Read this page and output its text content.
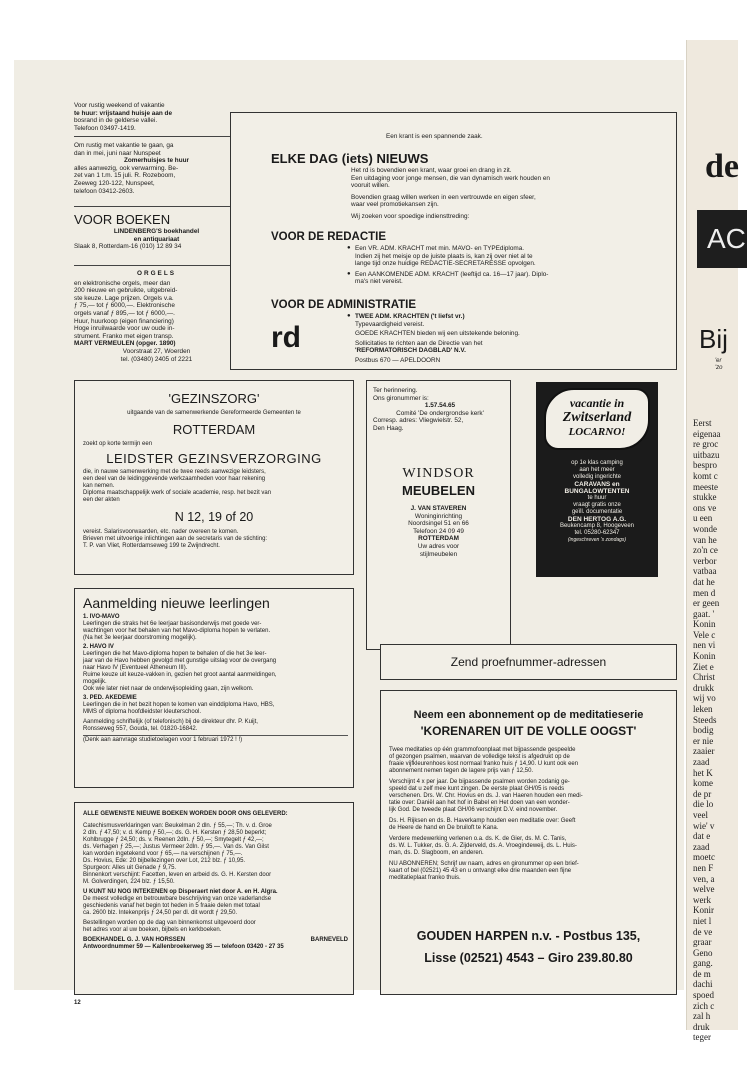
Voor rustig weekend of vakantie
te huur: vrijstaand huisje aan de
bosrand in de gelderse vallei.
Telefoon 03497-1419.
Om rustig met vakantie te gaan, ga
dan in mei, juni naar Nunspeet
Zomerhuisjes te huur
alles aanwezig, ook verwarming. Be-
zet van 1 t.m. 15 juli. R. Rozeboom,
Zeeweg 120-122, Nunspeet,
telefoon 03412-2603.
VOOR BOEKEN
LINDENBERG'S boekhandel
en antiquariaat
Slaak 8, Rotterdam-16 (010) 12 89 34
ORGELS
en elektronische orgels, meer dan
200 nieuwe en gebruikte, uitgebreid-
ste keuze. Lage prijzen. Orgels v.a.
ƒ 75,— tot ƒ 6000,—. Elektronische
orgels vanaf ƒ 895,— tot ƒ 6000,—.
Huur, huurkoop (eigen financiering)
Hoge inruilwaarde voor uw oude in-
strument. Franko met eigen transp.
MART VERMEULEN (opger. 1890)
Voorstraat 27, Woerden
tel. (03480) 2405 of 2221
Een krant is een spannende zaak.
ELKE DAG (iets) NIEUWS
Het rd is bovendien een krant, waar groei en drang in zit.
Een uitdaging voor jonge mensen, die van dynamisch werk houden en
vooruit willen.
Bovendien graag willen werken in een vertrouwde en eigen sfeer,
waar veel promotiekansen zijn.
Wij zoeken voor spoedige indiensttreding:
VOOR DE REDACTIE
● Een VR. ADM. KRACHT met min. MAVO- en TYPEdiploma.
Indien zij het meisje op de juiste plaats is, kan zij over niet al te
lange tijd onze huidige REDACTIE-SECRETARESSE opvolgen.
● Een AANKOMENDE ADM. KRACHT (leeftijd ca. 16—17 jaar). Diplo-
ma's niet vereist.
VOOR DE ADMINISTRATIE
● TWEE ADM. KRACHTEN ('t liefst vr.)
Typevaardigheid vereist.
GOEDE KRACHTEN bieden wij een uitstekende beloning.
Sollicitaties te richten aan de Directie van het
'REFORMATORISCH DAGBLAD' N.V.
Postbus 670 — APELDOORN
rd
'GEZINSZORG'
uitgaande van de samenwerkende Gereformeerde Gemeenten te
ROTTERDAM
zoekt op korte termijn een
LEIDSTER GEZINSVERZORGING
die, in nauwe samenwerking met de twee reeds aanwezige leidsters,
een deel van de leidinggevende werkzaamheden voor haar rekening
kan nemen.
Diploma maatschappelijk werk of sociale academie, resp. het bezit van
een der akten
N 12, 19 of 20
vereist. Salarisvoorwaarden, etc. nader overeen te komen.
Brieven met uitvoerige inlichtingen aan de secretaris van de stichting:
T. P. van Vliet, Rotterdamseweg 199 te Zwijndrecht.
Ter herinnering.
Ons gironummer is:
1.57.54.65
Comité 'De ondergrondse kerk'
Corresp. adres: Vliegwielstr. 52,
Den Haag.
WINDSOR
MEUBELEN
J. VAN STAVEREN
Woninginrichting
Noordsingel 51 en 66
Telefoon 24 09 49
ROTTERDAM
Uw adres voor
stijlmeubelen
vacantie in
Zwitserland
LOCARNO!
op 1e klas camping
aan het meer
volledig ingerichte
CARAVANS en
BUNGALOWTENTEN
te huur
vraagt gratis onze
geïll. documentatie
DEN HERTOG A.G.
Beukencamp 8, Hoogeveen
tel. 05280-62347
(ingeschreven 's zondags)
Zend proefnummer-adressen
Aanmelding nieuwe leerlingen
1. IVO-MAVO
Leerlingen die straks het 6e leerjaar basisonderwijs met goede ver-
wachtingen voor het behalen van het Mavo-diploma hopen te verlaten.
(Na het 3e leerjaar doorstroming mogelijk).
2. HAVO IV
Leerlingen die het Mavo-diploma hopen te behalen of die het 3e leer-
jaar van de Havo hebben gevolgd met gunstige uitslag voor de overgang
naar Havo IV (Eventueel Atheneum III).
Ruime keuze uit keuze-vakken in, gezien het groot aantal aanmeldingen,
mogelijk.
Ook wie later niet naar de onderwijsopleiding gaan, zijn welkom.
3. PED. AKEDEMIE
Leerlingen die in het bezit hopen te komen van einddiploma Havo, HBS,
MMS of diploma hoofdleidster kleuterschool.
Aanmelding schriftelijk (of telefonisch) bij de direkteur dhr. P. Kuijt,
Ronsseweg 557, Gouda, tel. 01820-16842.
(Denk aan aanvrage studietoelagen voor 1 februari 1972 ! !)
ALLE GEWENSTE NIEUWE BOEKEN WORDEN DOOR ONS GELEVERD:
Catechismusverklaringen van: Beukelman 2 dln. ƒ 55,—; Th. v. d. Groe
2 dln. ƒ 47,50; v. d. Kemp ƒ 50,—; ds. G. H. Kersten ƒ 28,50 beperkt;
Kohlbrugge ƒ 24,50; ds. v. Reenen 2dln. ƒ 50,—; Smytegelt ƒ 42,—;
ds. Verhagen ƒ 25,—; Justus Vermeer 2dln. ƒ 95,—. Van ds. Van Gilst
kan worden ingetekend voor ƒ 65,— na verschijnen ƒ 75,—.
Ds. Hovius, Ede: 20 bijbellezingen over Lot, 212 blz. ƒ 10,95.
Spurgeon: Alles uit Genade ƒ 9,75.
Binnenkort verschijnt: Facetten, leven en arbeid ds. G. H. Kersten door
M. Golverdingen, 224 blz. ƒ 15,50.
U KUNT NU NOG INTEKENEN op Disperaert niet door A. en H. Algra.
De meest volledige en betrouwbare beschrijving van onze vaderlandse
geschiedenis vanaf het begin tot heden in 5 fraaie delen met totaal
ca. 2600 blz. Intekenprijs ƒ 24,50 per dl. dit wordt ƒ 29,50.
Bestellingen worden op de dag van binnenkomst uitgevoerd door
het adres voor al uw boeken, bijbels en kerkboeken.
BOEKHANDEL G. J. VAN HORSSEN	BARNEVELD
Antwoordnummer 59 — Kallenbroekerweg 35 — telefoon 03420 - 27 35
Neem een abonnement op de meditatieserie
'KORENAREN UIT DE VOLLE OOGST'
Twee meditaties op één grammofoonplaat met bijpassende gespeelde
of gezongen psalmen, waarvan de volledige tekst is afgedrukt op de
fraaie vijfkleurenhoes kost normaal franko huis ƒ 14,90. U kunt ook een
abonnement nemen tegen de lagere prijs van ƒ 12,50.
Verschijnt 4 x per jaar. De bijpassende psalmen worden zodanig ge-
speeld dat u zelf mee kunt zingen. De eerste plaat GH/05 is reeds
verschenen. Drs. W. Chr. Hovius en ds. J. van Haeren houden een medi-
tatie over: Daniël aan het hof in Babel en Het doen van een wonder-
lijk God. De tweede plaat GH/06 verschijnt D.V. eind november.
Ds. H. Rijksen en ds. B. Haverkamp houden een meditatie over: Geeft
de Heere de hand en De bruiloft te Kana.
Verdere medewerking verlenen o.a. ds. K. de Gier, ds. M. C. Tanis,
ds. W. L. Tukker, ds. G. A. Zijderveld, ds. A. Vroegindeweij, ds. L. Huis-
man, ds. D. Slagboom, en anderen.
NU ABONNEREN; Schrijf uw naam, adres en gironummer op een brief-
kaart of bel (02521) 45 43 en u ontvangt elke drie maanden een fijne
meditatieplaat franko thuis.
GOUDEN HARPEN n.v. - Postbus 135,
Lisse (02521) 4543 – Giro 239.80.80
12
de
AC
Bij
'er
'zo
Eerst
eigenaa
re groc
uitbazu
bespro
komt c
meeste
stukke
ons ve
u een
wonde
van he
zo'n ce
verbor
vatbaa
dat he
men d
er geen
gaat. '
Konin
Vele c
nen vi
Konin
Ziet e
Christ
drukk
wij vo
leken
Steeds
bodig
er nie
zaaier
zaad
het K
kome
de pr
die lo
veel
wie' v
dat e
zaad
moetc
nen F
ven, a
welve
werk
Konir
niet l
de ve
graar
Geno
gang.
de m
dachi
spoed
zich c
zal h
druk
teger
